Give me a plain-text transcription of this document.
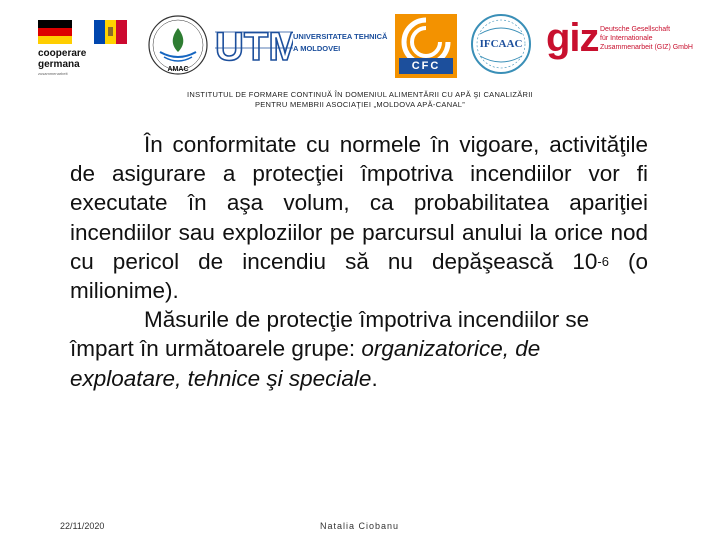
cooperare
germana
zusammenarbeit
AMAC
UTM
UNIVERSITATEA TEHNICĂ
A MOLDOVEI
CFC
IFCAAC giz Deutsche Gesellschaft
für Internationale
Zusammenarbeit (GIZ) GmbH
INSTITUTUL DE FORMARE CONTINUĂ ÎN DOMENIUL ALIMENTĂRII CU APĂ ŞI CANALIZĂRII
PENTRU MEMBRII ASOCIAŢIEI „MOLDOVA APĂ-CANAL”

În conformitate cu normele în vigoare, activităţile de asigurare a protecţiei împotriva incendiilor vor fi executate în aşa volum, ca probabilitatea apariţiei incendiilor sau exploziilor pe parcursul anului la orice nod cu pericol de incendiu să nu depăşească $10^{-6}$ (o milionime).

Măsurile de protecţie împotriva incendiilor se împart în următoarele grupe: organizatorice, de exploatare, tehnice şi speciale.

22/11/2020	Natalia Ciobanu
